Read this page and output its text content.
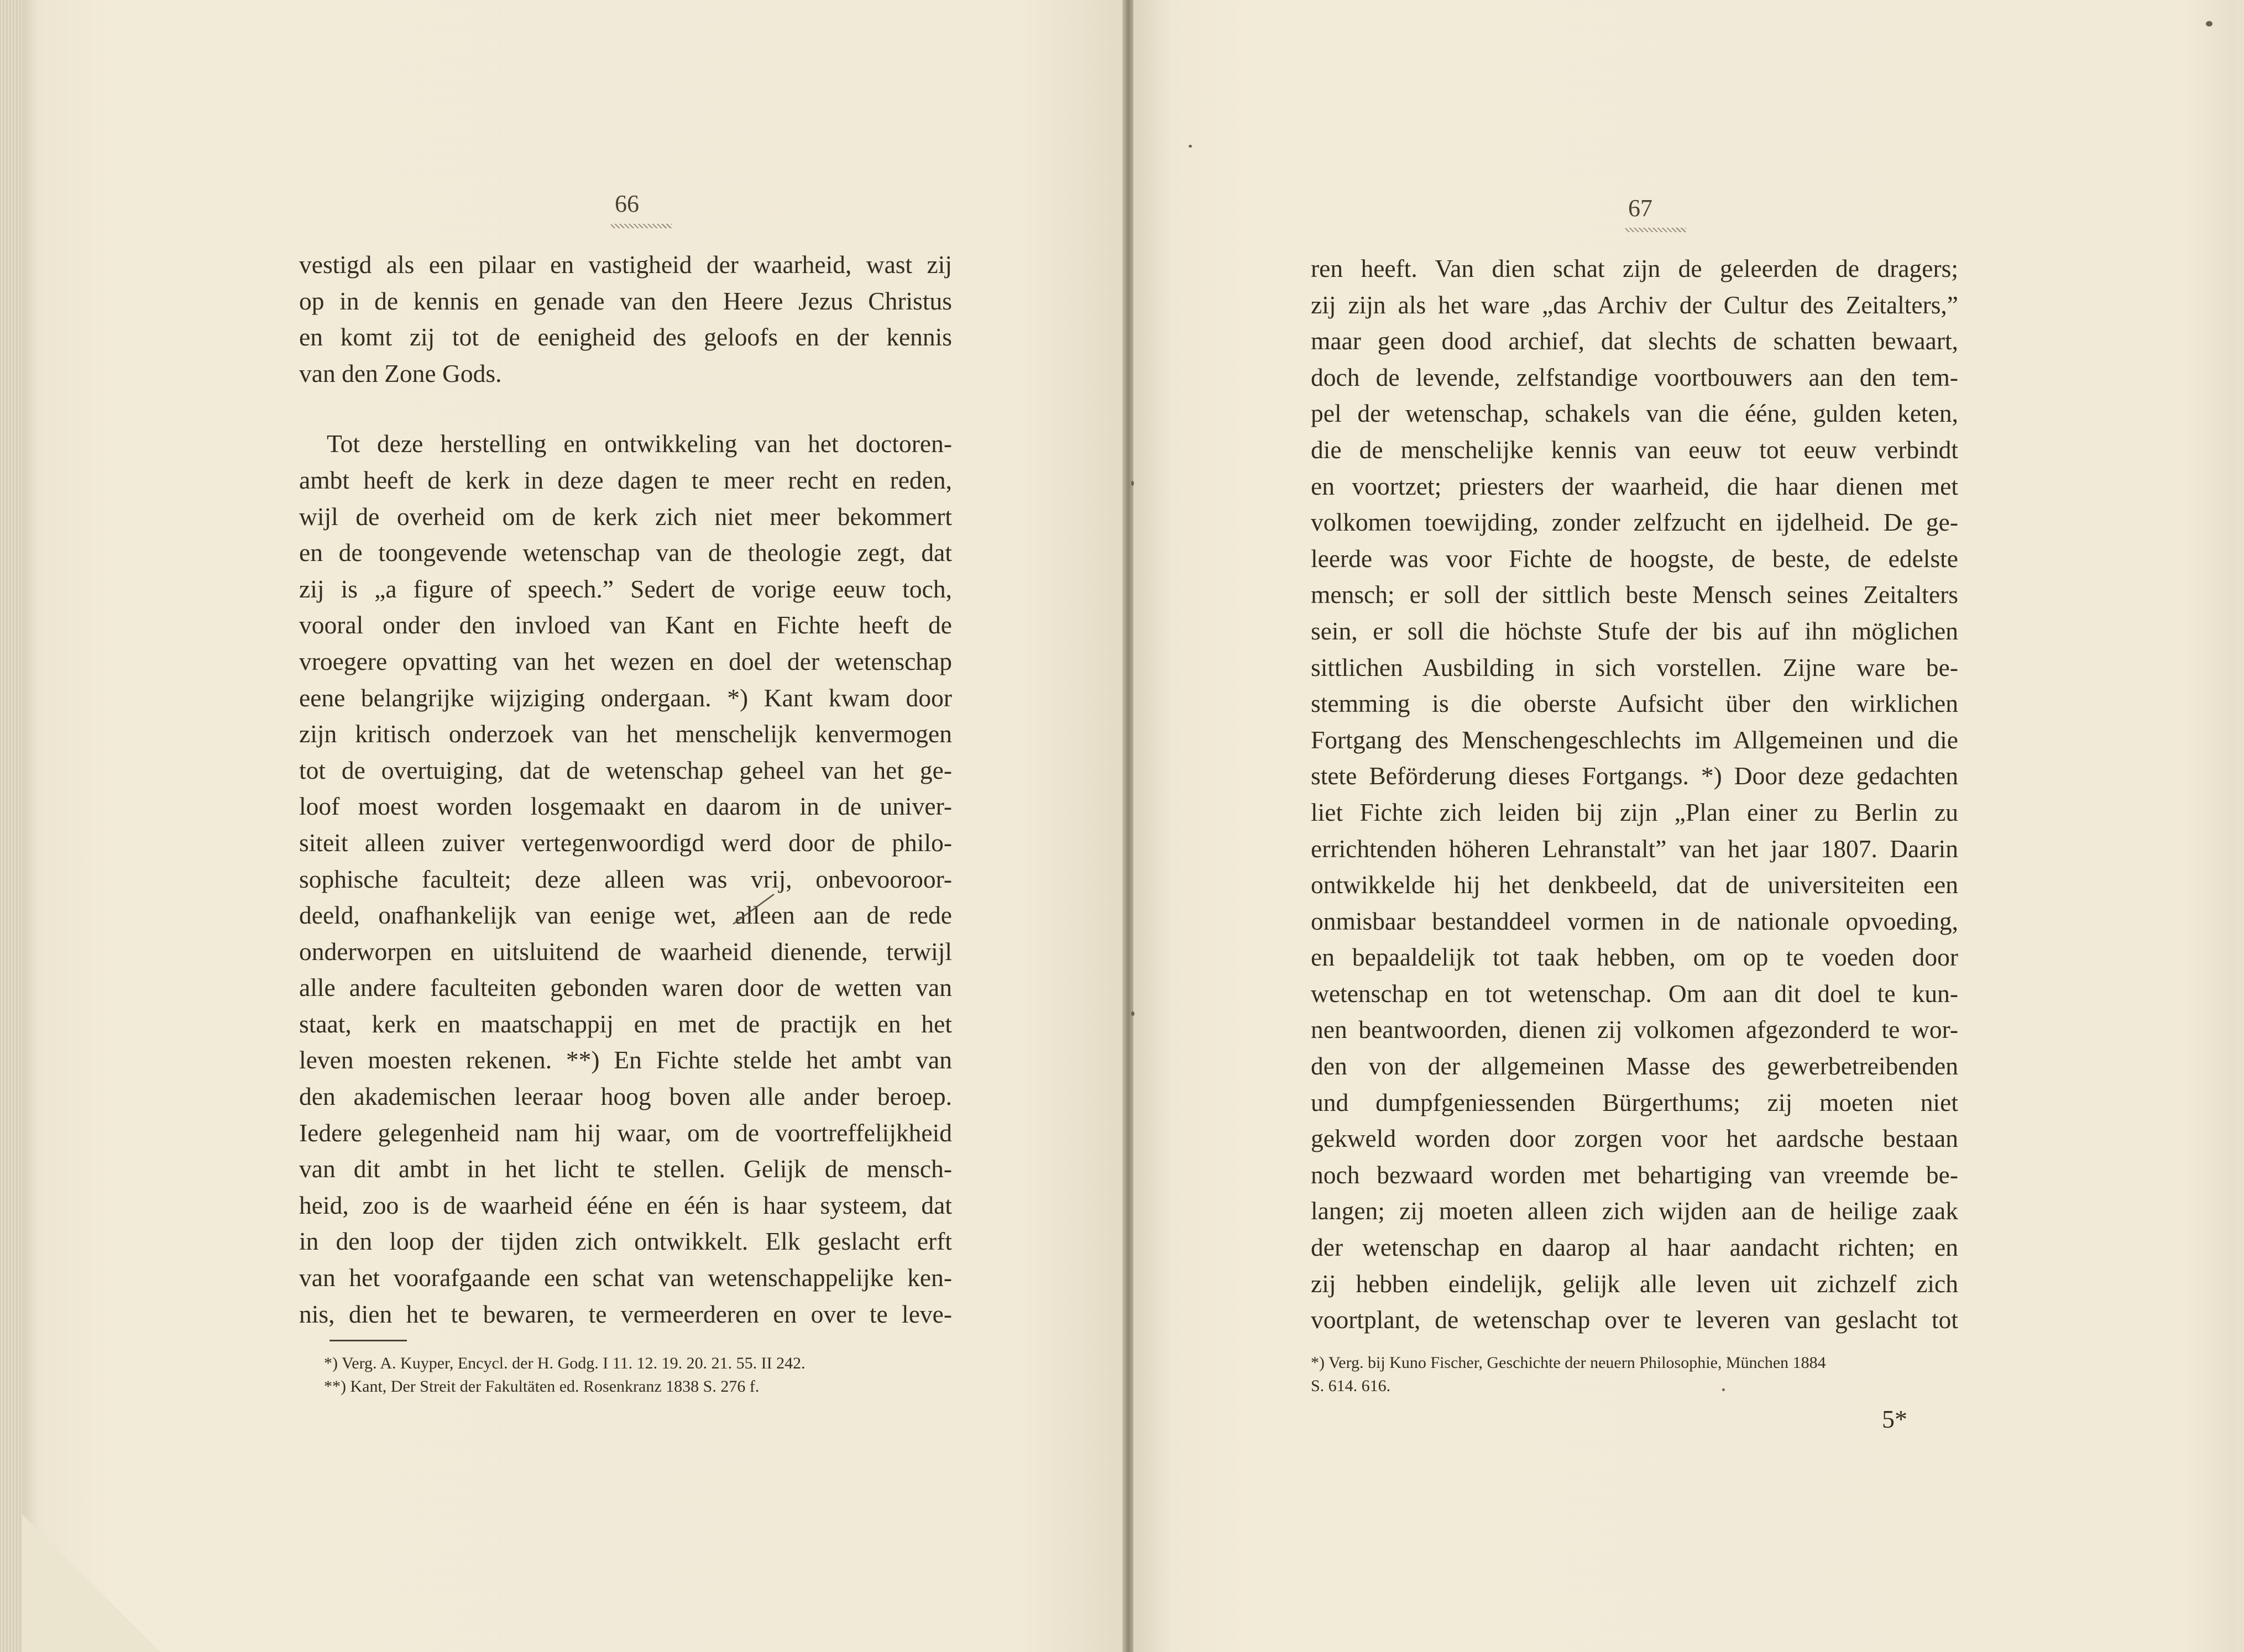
66
vestigd als een pilaar en vastigheid der waarheid, wast zij
op in de kennis en genade van den Heere Jezus Christus
en komt zij tot de eenigheid des geloofs en der kennis
van den Zone Gods.
Tot deze herstelling en ontwikkeling van het doctoren-
ambt heeft de kerk in deze dagen te meer recht en reden,
wijl de overheid om de kerk zich niet meer bekommert
en de toongevende wetenschap van de theologie zegt, dat
zij is „a figure of speech.” Sedert de vorige eeuw toch,
vooral onder den invloed van Kant en Fichte heeft de
vroegere opvatting van het wezen en doel der wetenschap
eene belangrijke wijziging ondergaan. *) Kant kwam door
zijn kritisch onderzoek van het menschelijk kenvermogen
tot de overtuiging, dat de wetenschap geheel van het ge-
loof moest worden losgemaakt en daarom in de univer-
siteit alleen zuiver vertegenwoordigd werd door de philo-
sophische faculteit; deze alleen was vrij, onbevooroor-
deeld, onafhankelijk van eenige wet, alleen aan de rede
onderworpen en uitsluitend de waarheid dienende, terwijl
alle andere faculteiten gebonden waren door de wetten van
staat, kerk en maatschappij en met de practijk en het
leven moesten rekenen. **) En Fichte stelde het ambt van
den akademischen leeraar hoog boven alle ander beroep.
Iedere gelegenheid nam hij waar, om de voortreffelijkheid
van dit ambt in het licht te stellen. Gelijk de mensch-
heid, zoo is de waarheid ééne en één is haar systeem, dat
in den loop der tijden zich ontwikkelt. Elk geslacht erft
van het voorafgaande een schat van wetenschappelijke ken-
nis, dien het te bewaren, te vermeerderen en over te leve-
*) Verg. A. Kuyper, Encycl. der H. Godg. I 11. 12. 19. 20. 21. 55. II 242.
**) Kant, Der Streit der Fakultäten ed. Rosenkranz 1838 S. 276 f.
67
ren heeft. Van dien schat zijn de geleerden de dragers;
zij zijn als het ware „das Archiv der Cultur des Zeitalters,”
maar geen dood archief, dat slechts de schatten bewaart,
doch de levende, zelfstandige voortbouwers aan den tem-
pel der wetenschap, schakels van die ééne, gulden keten,
die de menschelijke kennis van eeuw tot eeuw verbindt
en voortzet; priesters der waarheid, die haar dienen met
volkomen toewijding, zonder zelfzucht en ijdelheid. De ge-
leerde was voor Fichte de hoogste, de beste, de edelste
mensch; er soll der sittlich beste Mensch seines Zeitalters
sein, er soll die höchste Stufe der bis auf ihn möglichen
sittlichen Ausbilding in sich vorstellen. Zijne ware be-
stemming is die oberste Aufsicht über den wirklichen
Fortgang des Menschengeschlechts im Allgemeinen und die
stete Beförderung dieses Fortgangs. *) Door deze gedachten
liet Fichte zich leiden bij zijn „Plan einer zu Berlin zu
errichtenden höheren Lehranstalt” van het jaar 1807. Daarin
ontwikkelde hij het denkbeeld, dat de universiteiten een
onmisbaar bestanddeel vormen in de nationale opvoeding,
en bepaaldelijk tot taak hebben, om op te voeden door
wetenschap en tot wetenschap. Om aan dit doel te kun-
nen beantwoorden, dienen zij volkomen afgezonderd te wor-
den von der allgemeinen Masse des gewerbetreibenden
und dumpfgeniessenden Bürgerthums; zij moeten niet
gekweld worden door zorgen voor het aardsche bestaan
noch bezwaard worden met behartiging van vreemde be-
langen; zij moeten alleen zich wijden aan de heilige zaak
der wetenschap en daarop al haar aandacht richten; en
zij hebben eindelijk, gelijk alle leven uit zichzelf zich
voortplant, de wetenschap over te leveren van geslacht tot
*) Verg. bij Kuno Fischer, Geschichte der neuern Philosophie, München 1884
S. 614. 616.
5*
